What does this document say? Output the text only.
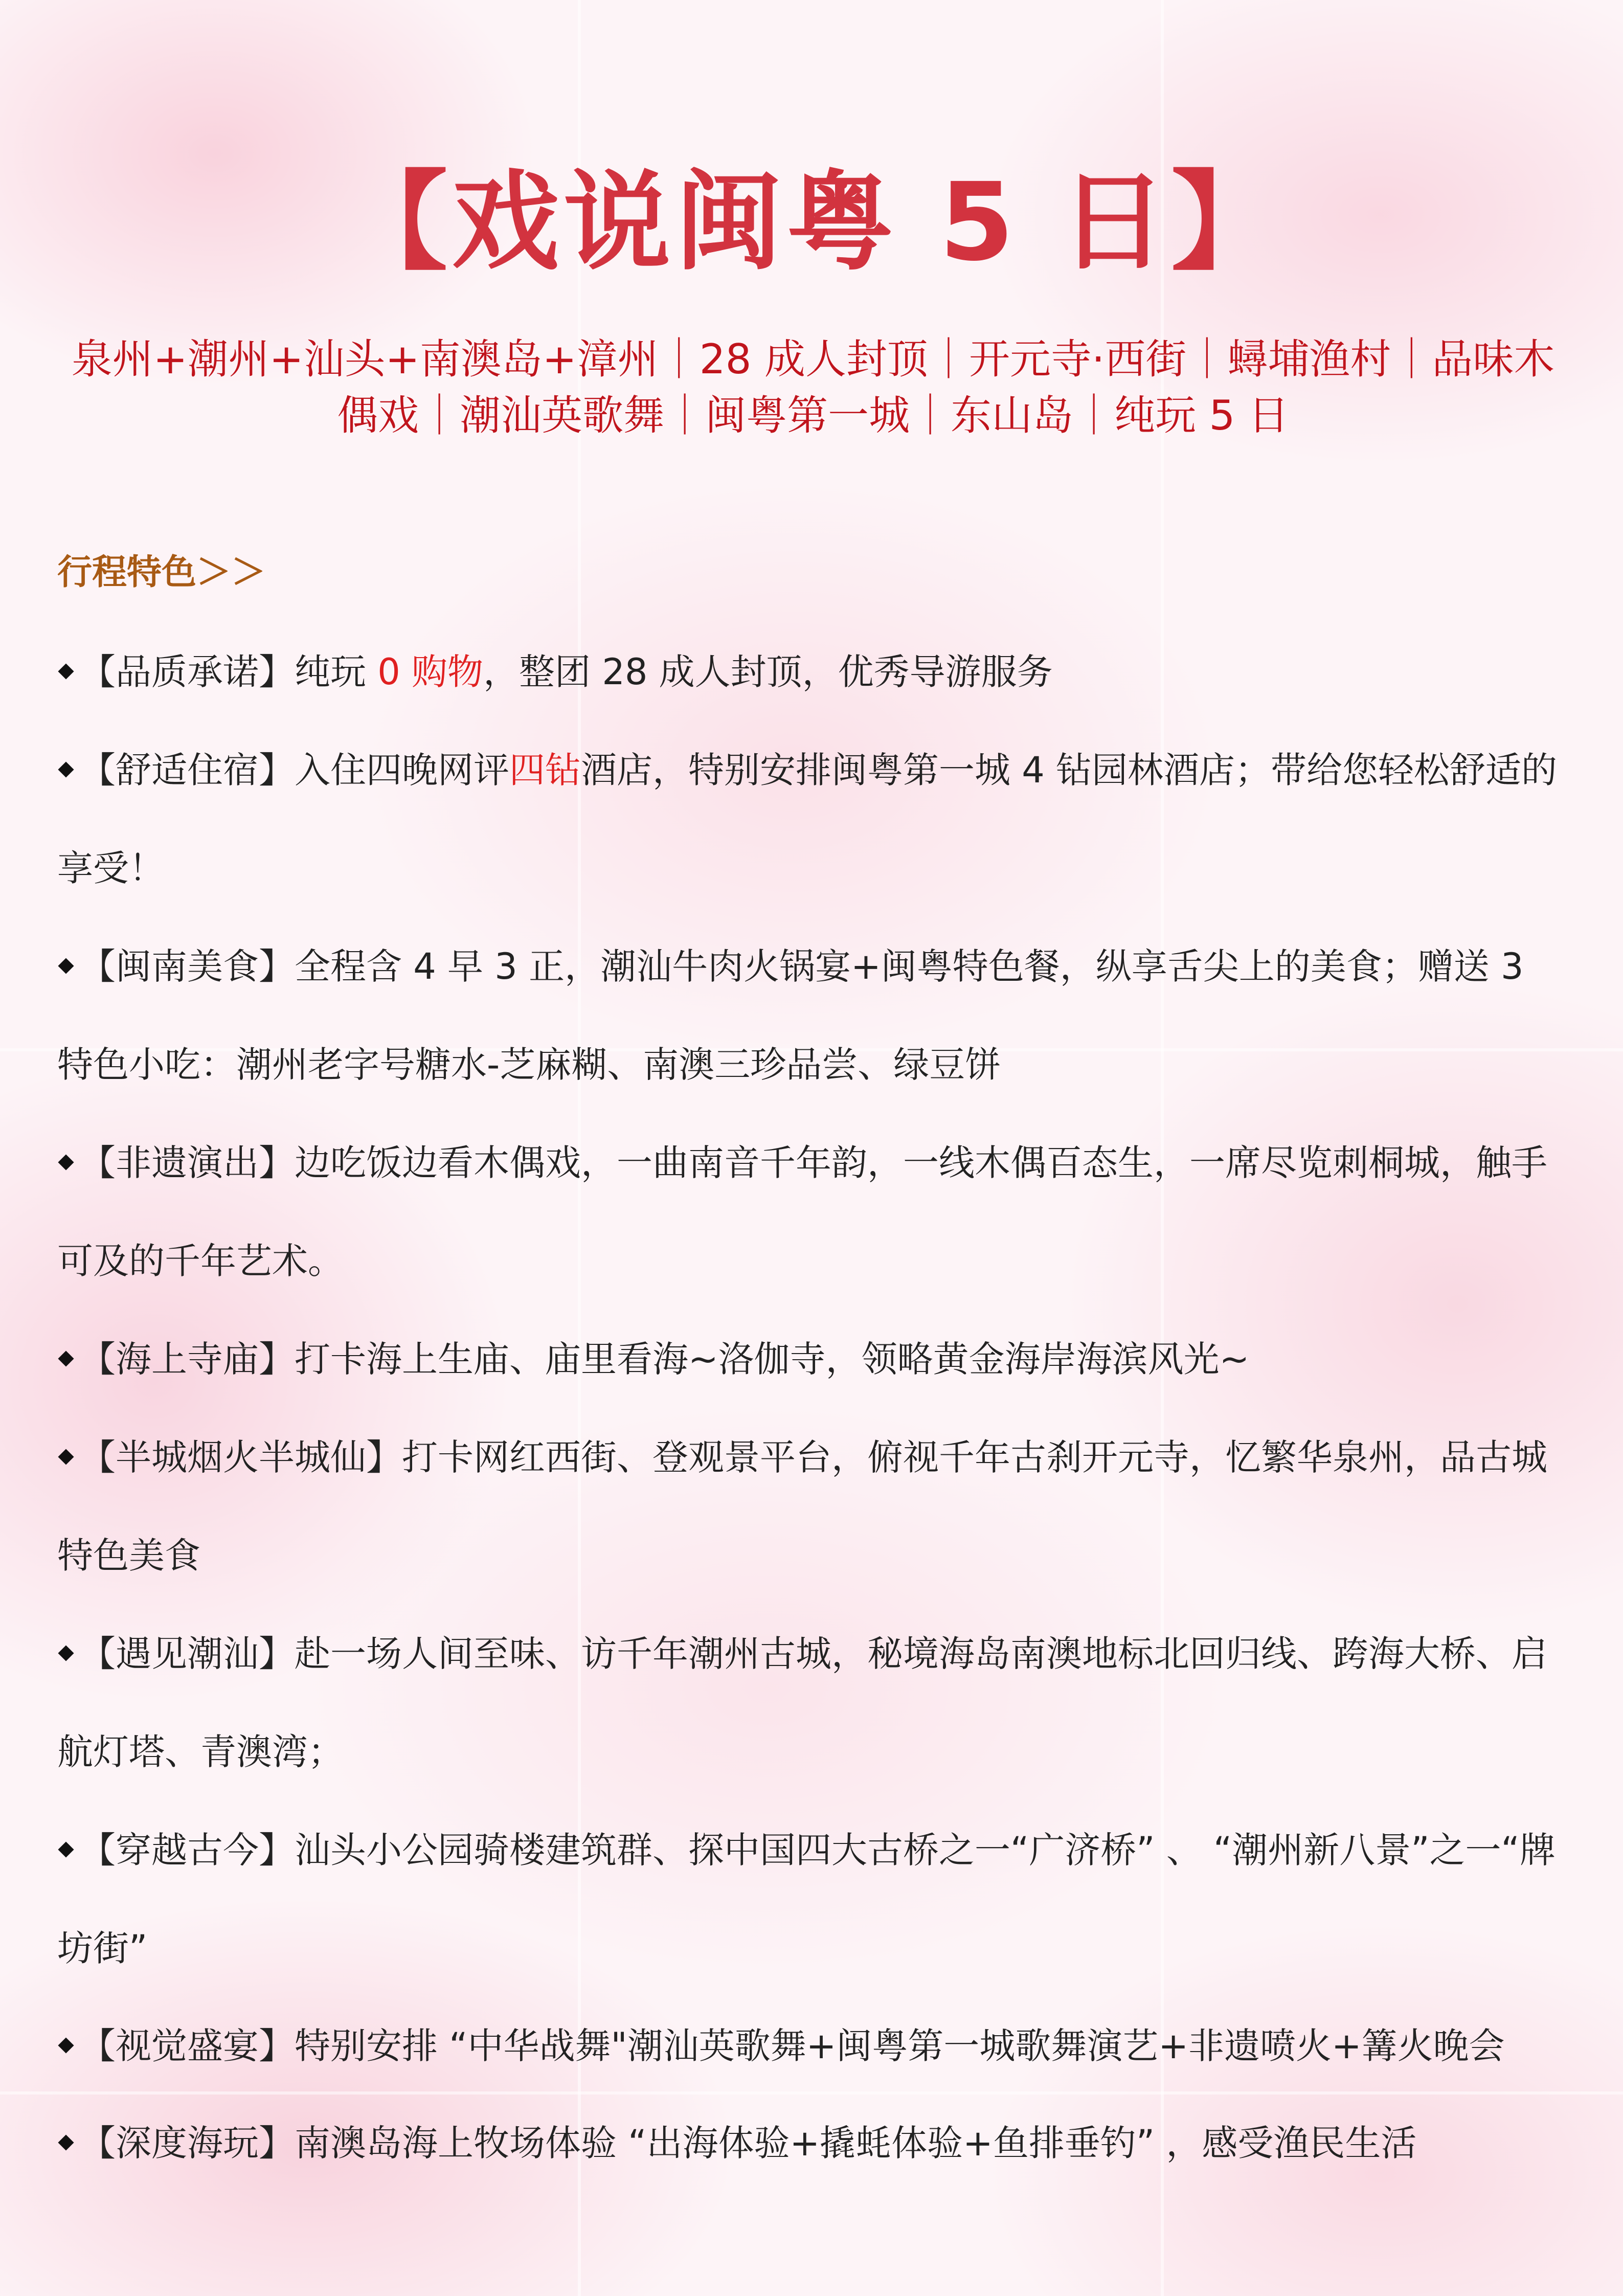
【戏说闽粤 5 日】
泉州+潮州+汕头+南澳岛+漳州｜28 成人封顶｜开元寺·西街｜蟳埔渔村｜品味木偶戏｜潮汕英歌舞｜闽粤第一城｜东山岛｜纯玩 5 日
行程特色＞＞

【品质承诺】纯玩 0 购物，整团 28 成人封顶，优秀导游服务

【舒适住宿】入住四晚网评四钻酒店，特别安排闽粤第一城 4 钻园林酒店；带给您轻松舒适的享受！

【闽南美食】全程含 4 早 3 正，潮汕牛肉火锅宴+闽粤特色餐，纵享舌尖上的美食；赠送 3 特色小吃：潮州老字号糖水-芝麻糊、南澳三珍品尝、绿豆饼

【非遗演出】边吃饭边看木偶戏，一曲南音千年韵，一线木偶百态生，一席尽览刺桐城，触手可及的千年艺术。

【海上寺庙】打卡海上生庙、庙里看海~洛伽寺，领略黄金海岸海滨风光~

【半城烟火半城仙】打卡网红西街、登观景平台，俯视千年古刹开元寺，忆繁华泉州，品古城特色美食

【遇见潮汕】赴一场人间至味、访千年潮州古城，秘境海岛南澳地标北回归线、跨海大桥、启航灯塔、青澳湾；

【穿越古今】汕头小公园骑楼建筑群、探中国四大古桥之一“广济桥” 、 “潮州新八景”之一“牌坊街”

【视觉盛宴】特别安排 “中华战舞"潮汕英歌舞+闽粤第一城歌舞演艺+非遗喷火+篝火晚会

【深度海玩】南澳岛海上牧场体验 “出海体验+撬蚝体验+鱼排垂钓” ，感受渔民生活
